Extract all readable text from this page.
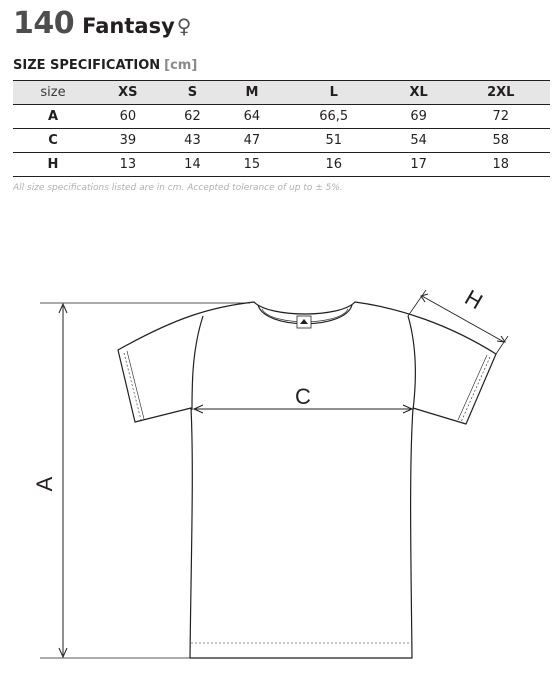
140 Fantasy ♀
SIZE SPECIFICATION [cm]
size	XS	S	M	L	XL	2XL
A	60	62	64	66,5	69	72
C	39	43	47	51	54	58
H	13	14	15	16	17	18
All size specifications listed are in cm. Accepted tolerance of up to ± 5%.
A
C
H
